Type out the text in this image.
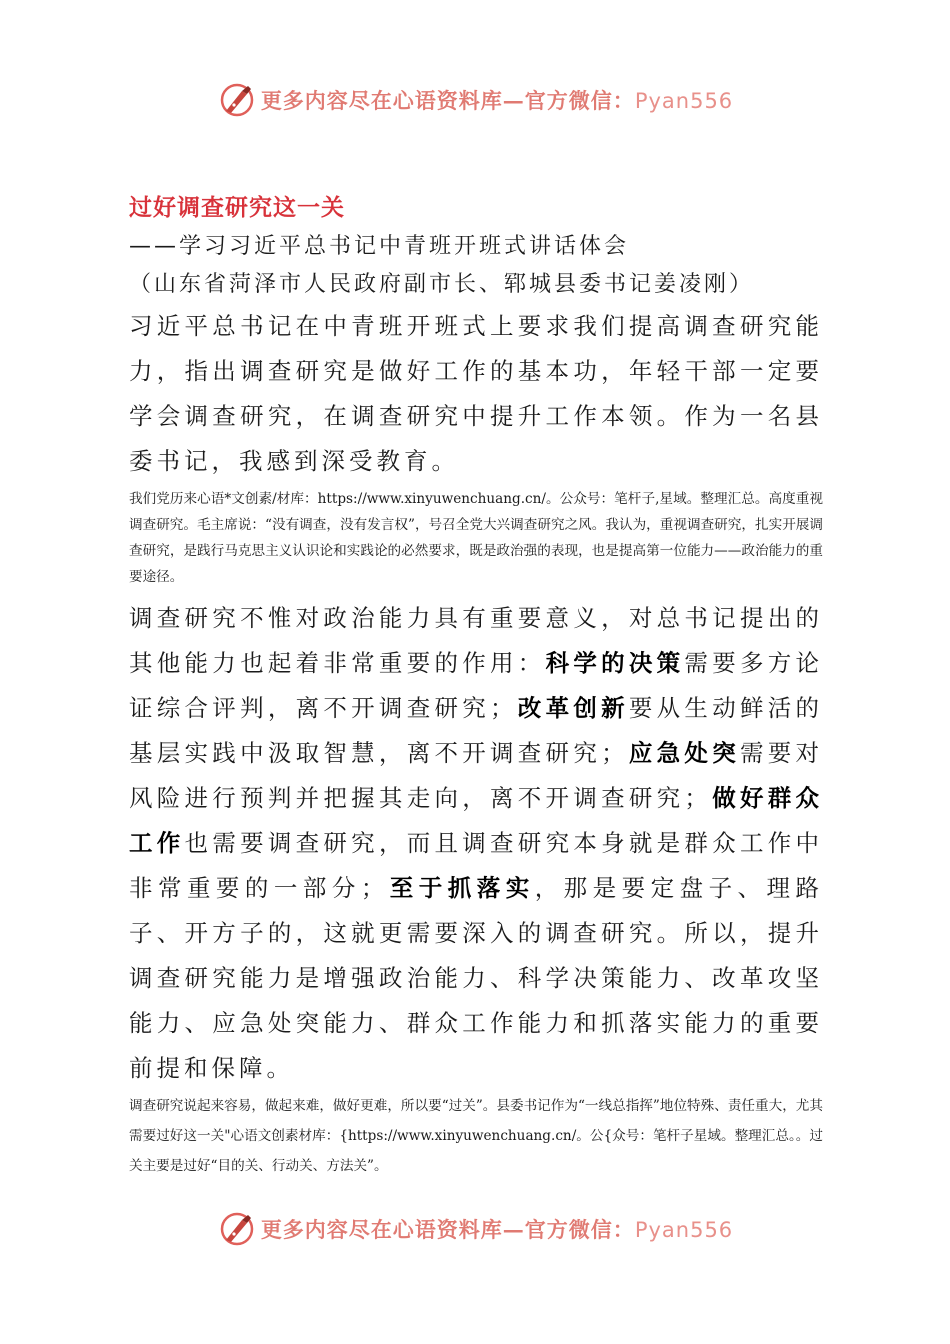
更多内容尽在心语资料库—官方微信：Pyan556
过好调查研究这一关
——学习习近平总书记中青班开班式讲话体会
（山东省菏泽市人民政府副市长、郓城县委书记姜凌刚）

习近平总书记在中青班开班式上要求我们提高调查研究能力，指出调查研究是做好工作的基本功，年轻干部一定要学会调查研究，在调查研究中提升工作本领。作为一名县委书记，我感到深受教育。

我们党历来心语*文创素/材库：https://www.xinyuwenchuang.cn/。公众号：笔杆子,星域。整理汇总。高度重视调查研究。毛主席说：“没有调查，没有发言权”，号召全党大兴调查研究之风。我认为，重视调查研究，扎实开展调查研究，是践行马克思主义认识论和实践论的必然要求，既是政治强的表现，也是提高第一位能力——政治能力的重要途径。

调查研究不惟对政治能力具有重要意义，对总书记提出的其他能力也起着非常重要的作用：科学的决策需要多方论证综合评判，离不开调查研究；改革创新要从生动鲜活的基层实践中汲取智慧，离不开调查研究；应急处突需要对风险进行预判并把握其走向，离不开调查研究；做好群众工作也需要调查研究，而且调查研究本身就是群众工作中非常重要的一部分；至于抓落实，那是要定盘子、理路子、开方子的，这就更需要深入的调查研究。所以，提升调查研究能力是增强政治能力、科学决策能力、改革攻坚能力、应急处突能力、群众工作能力和抓落实能力的重要前提和保障。

调查研究说起来容易，做起来难，做好更难，所以要“过关”。县委书记作为“一线总指挥”地位特殊、责任重大，尤其需要过好这一关"心语文创素材库：{https://www.xinyuwenchuang.cn/。公{众号：笔杆子星域。整理汇总。。过关主要是过好“目的关、行动关、方法关”。

更多内容尽在心语资料库—官方微信：Pyan556
